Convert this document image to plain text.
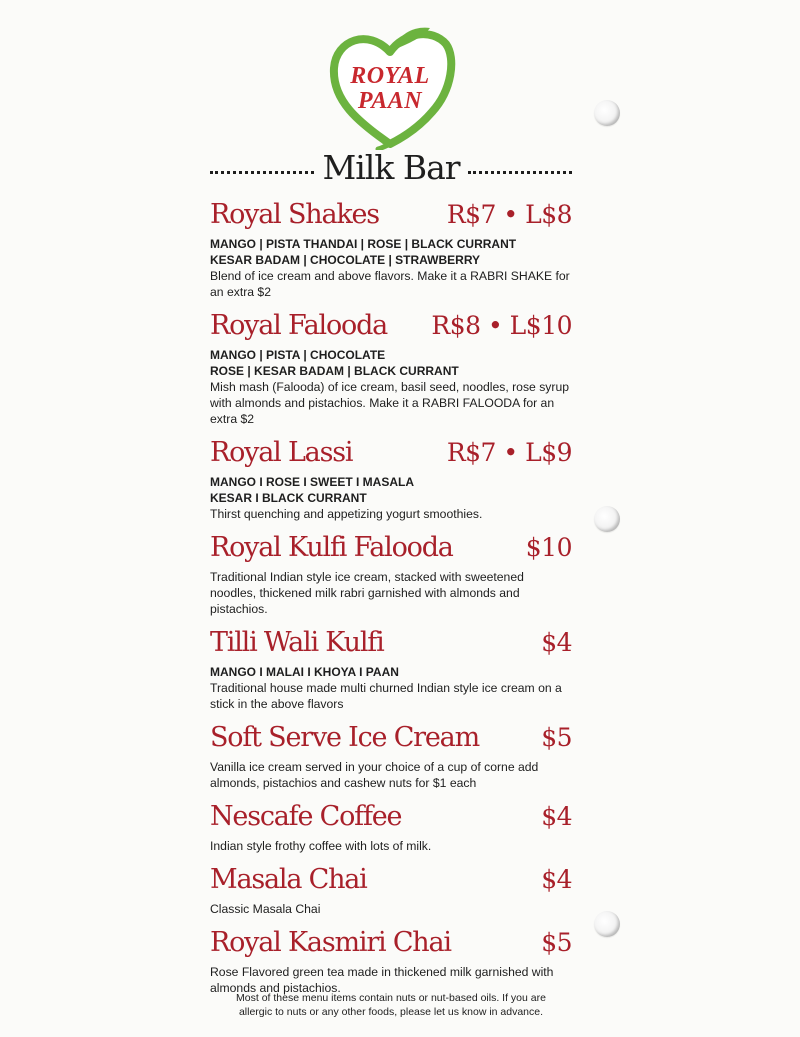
ROYAL
PAAN
Milk Bar
Royal Shakes	R$7 • L$8
MANGO | PISTA THANDAI | ROSE | BLACK CURRANT
KESAR BADAM | CHOCOLATE | STRAWBERRY
Blend of ice cream and above flavors. Make it a RABRI SHAKE for an extra $2
Royal Falooda R$8 • L$10
MANGO | PISTA | CHOCOLATE
ROSE | KESAR BADAM | BLACK CURRANT
Mish mash (Falooda) of ice cream, basil seed, noodles, rose syrup with almonds and pistachios. Make it a RABRI FALOODA for an extra $2
Royal Lassi	R$7 • L$9
MANGO I ROSE I SWEET I MASALA
KESAR I BLACK CURRANT
Thirst quenching and appetizing yogurt smoothies.
Royal Kulfi Falooda	$10
Traditional Indian style ice cream, stacked with sweetened noodles, thickened milk rabri garnished with almonds and pistachios.
Tilli Wali Kulfi	$4
MANGO I MALAI I KHOYA I PAAN
Traditional house made multi churned Indian style ice cream on a stick in the above flavors
Soft Serve Ice Cream $5
Vanilla ice cream served in your choice of a cup of corne add almonds, pistachios and cashew nuts for $1 each
Nescafe Coffee	$4
Indian style frothy coffee with lots of milk.
Masala Chai	$4
Classic Masala Chai
Royal Kasmiri Chai	$5
Rose Flavored green tea made in thickened milk garnished with almonds and pistachios.
Most of these menu items contain nuts or nut-based oils. If you are
allergic to nuts or any other foods, please let us know in advance.
